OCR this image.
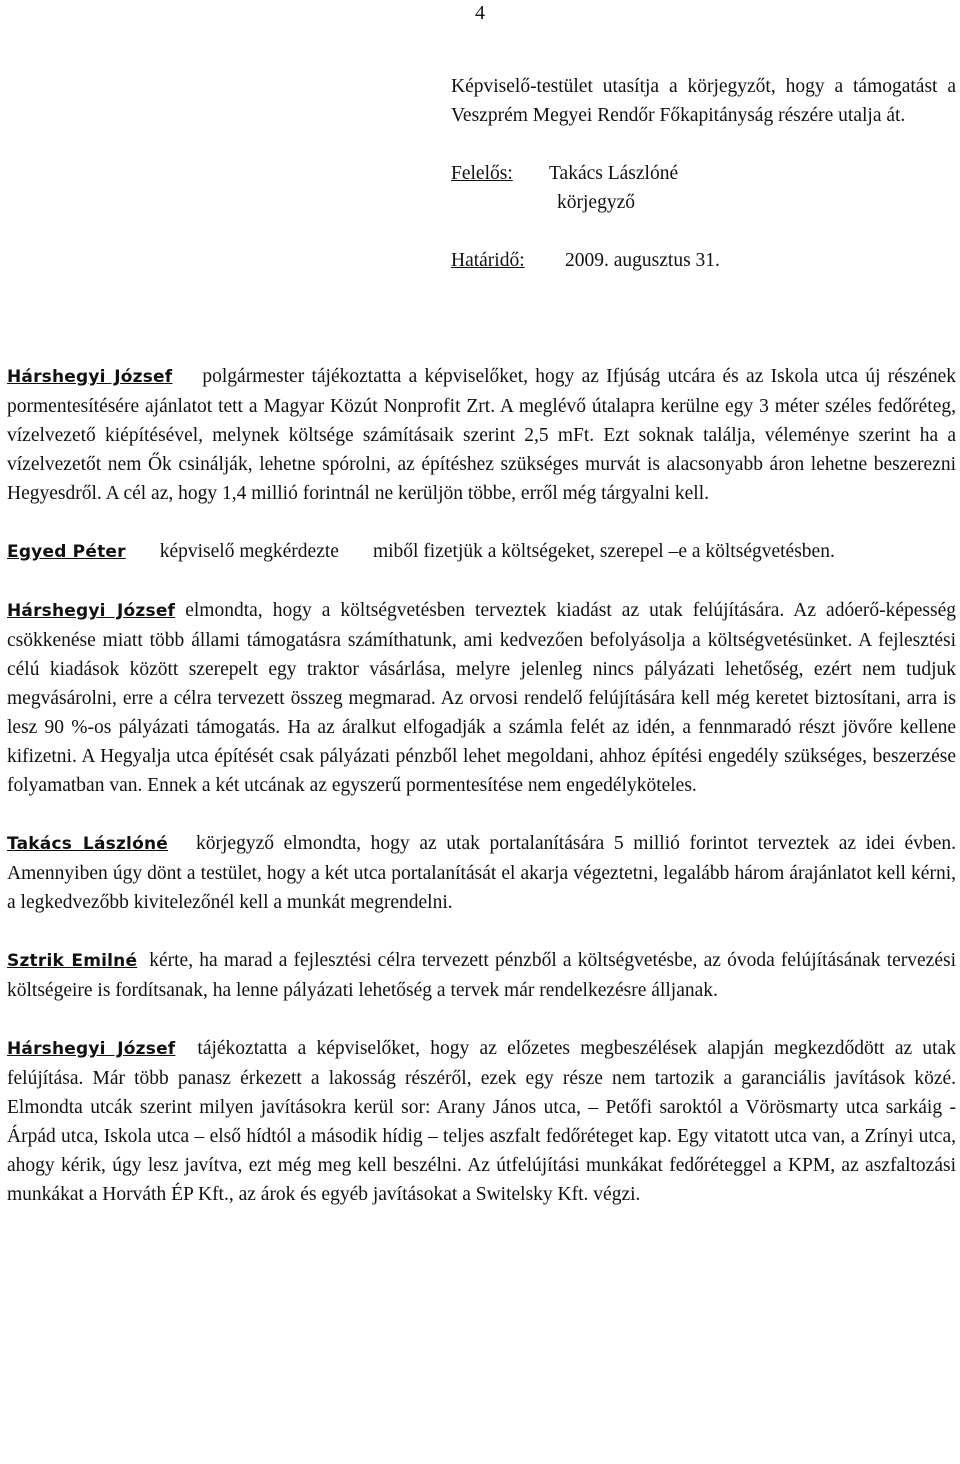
4
Képviselő-testület utasítja a körjegyzőt, hogy a támogatást a Veszprém Megyei Rendőr Főkapitányság részére utalja át.
Felelős:	Takács Lászlóné
körjegyző
Határidő:	2009. augusztus 31.

Hárshegyi József polgármester tájékoztatta a képviselőket, hogy az Ifjúság utcára és az Iskola utca új részének pormentesítésére ajánlatot tett a Magyar Közút Nonprofit Zrt. A meglévő útalapra kerülne egy 3 méter széles fedőréteg, vízelvezető kiépítésével, melynek költsége számításaik szerint 2,5 mFt. Ezt soknak találja, véleménye szerint ha a vízelvezetőt nem Ők csinálják, lehetne spórolni, az építéshez szükséges murvát is alacsonyabb áron lehetne beszerezni Hegyesdről. A cél az, hogy 1,4 millió forintnál ne kerüljön többe, erről még tárgyalni kell.

Egyed Péter képviselő megkérdezte miből fizetjük a költségeket, szerepel –e a költségvetésben.

Hárshegyi József elmondta, hogy a költségvetésben terveztek kiadást az utak felújítására. Az adóerő-képesség csökkenése miatt több állami támogatásra számíthatunk, ami kedvezően befolyásolja a költségvetésünket. A fejlesztési célú kiadások között szerepelt egy traktor vásárlása, melyre jelenleg nincs pályázati lehetőség, ezért nem tudjuk megvásárolni, erre a célra tervezett összeg megmarad. Az orvosi rendelő felújítására kell még keretet biztosítani, arra is lesz 90 %-os pályázati támogatás. Ha az áralkut elfogadják a számla felét az idén, a fennmaradó részt jövőre kellene kifizetni. A Hegyalja utca építését csak pályázati pénzből lehet megoldani, ahhoz építési engedély szükséges, beszerzése folyamatban van. Ennek a két utcának az egyszerű pormentesítése nem engedélyköteles.

Takács Lászlóné körjegyző elmondta, hogy az utak portalanítására 5 millió forintot terveztek az idei évben. Amennyiben úgy dönt a testület, hogy a két utca portalanítását el akarja végeztetni, legalább három árajánlatot kell kérni, a legkedvezőbb kivitelezőnél kell a munkát megrendelni.

Sztrik Emilné kérte, ha marad a fejlesztési célra tervezett pénzből a költségvetésbe, az óvoda felújításának tervezési költségeire is fordítsanak, ha lenne pályázati lehetőség a tervek már rendelkezésre álljanak.

Hárshegyi József tájékoztatta a képviselőket, hogy az előzetes megbeszélések alapján megkezdődött az utak felújítása. Már több panasz érkezett a lakosság részéről, ezek egy része nem tartozik a garanciális javítások közé. Elmondta utcák szerint milyen javításokra kerül sor: Arany János utca, – Petőfi saroktól a Vörösmarty utca sarkáig - Árpád utca, Iskola utca – első hídtól a második hídig – teljes aszfalt fedőréteget kap. Egy vitatott utca van, a Zrínyi utca, ahogy kérik, úgy lesz javítva, ezt még meg kell beszélni. Az útfelújítási munkákat fedőréteggel a KPM, az aszfaltozási munkákat a Horváth ÉP Kft., az árok és egyéb javításokat a Switelsky Kft. végzi.
